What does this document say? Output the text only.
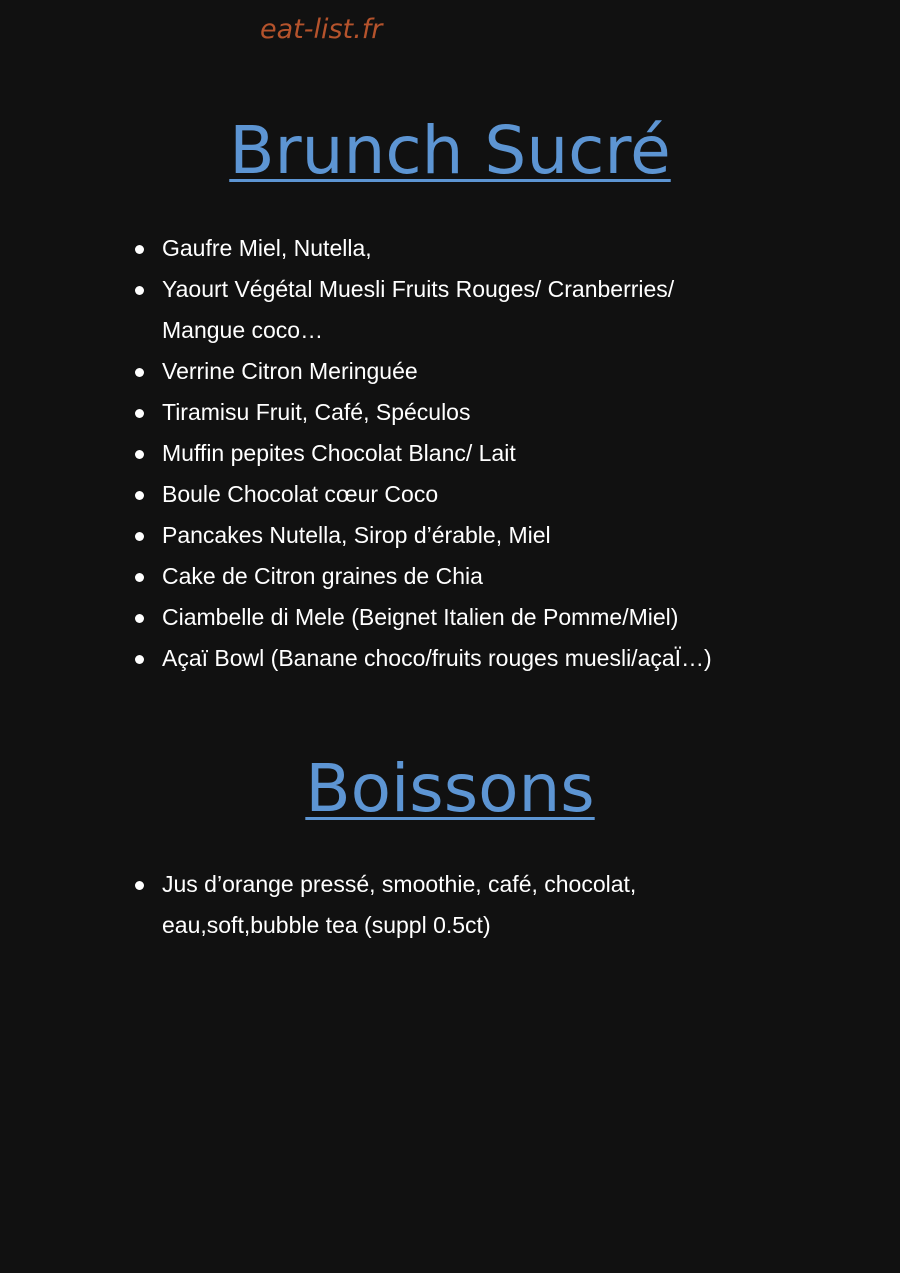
eat-list.fr
Brunch Sucré
Gaufre Miel, Nutella,
Yaourt Végétal Muesli Fruits Rouges/ Cranberries/ Mangue coco…
Verrine Citron Meringuée
Tiramisu Fruit, Café, Spéculos
Muffin pepites Chocolat Blanc/ Lait
Boule Chocolat cœur Coco
Pancakes Nutella, Sirop d’érable, Miel
Cake de Citron graines de Chia
Ciambelle di Mele (Beignet Italien de Pomme/Miel)
Açaï Bowl (Banane choco/fruits rouges muesli/açaÏ…)
Boissons
Jus d’orange pressé, smoothie, café, chocolat, eau,soft,bubble tea (suppl 0.5ct)
